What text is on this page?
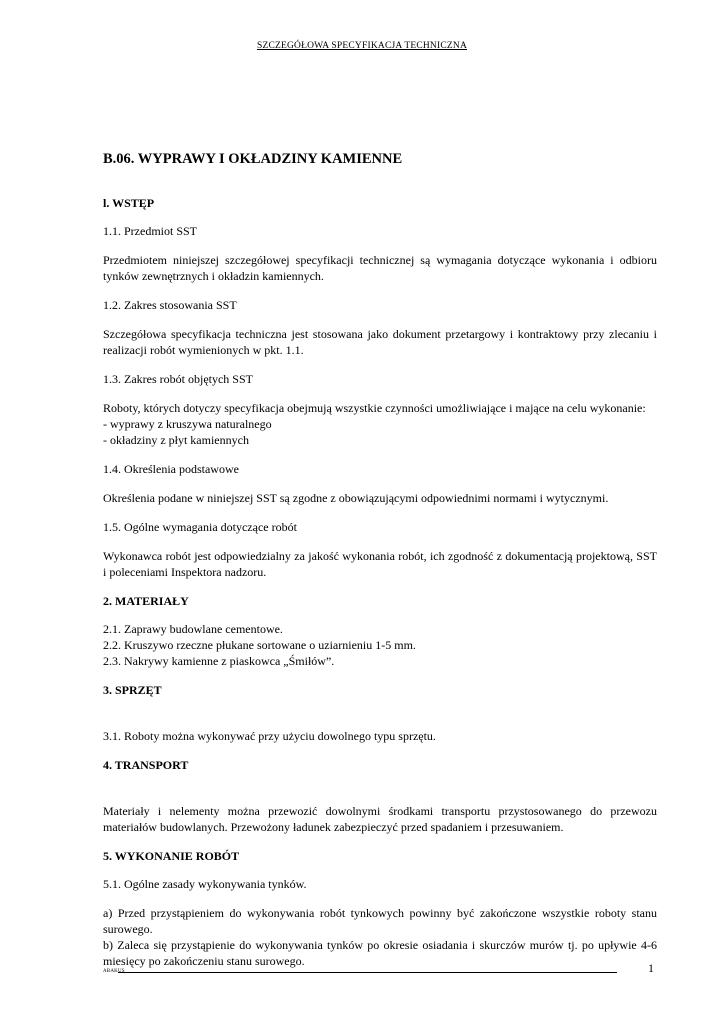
SZCZEGÓŁOWA SPECYFIKACJA TECHNICZNA
B.06. WYPRAWY I OKŁADZINY KAMIENNE
l. WSTĘP
1.1. Przedmiot SST
Przedmiotem niniejszej szczegółowej specyfikacji technicznej są wymagania dotyczące wykonania i odbioru tynków zewnętrznych i okładzin kamiennych.
1.2. Zakres stosowania SST
Szczegółowa specyfikacja techniczna jest stosowana jako dokument przetargowy i kontraktowy przy zlecaniu i realizacji robót wymienionych w pkt. 1.1.
1.3. Zakres robót objętych SST
Roboty, których dotyczy specyfikacja obejmują wszystkie czynności umożliwiające i mające na celu wykonanie:
- wyprawy z kruszywa naturalnego
- okładziny z płyt kamiennych
1.4. Określenia podstawowe
Określenia podane w niniejszej SST są zgodne z obowiązującymi odpowiednimi normami i wytycznymi.
1.5. Ogólne wymagania dotyczące robót
Wykonawca robót jest odpowiedzialny za jakość wykonania robót, ich zgodność z dokumentacją projektową, SST i poleceniami Inspektora nadzoru.
2. MATERIAŁY
2.1. Zaprawy budowlane cementowe.
2.2. Kruszywo rzeczne płukane sortowane o uziarnieniu 1-5 mm.
2.3. Nakrywy kamienne z piaskowca „Śmiłów”.
3. SPRZĘT
3.1. Roboty można wykonywać przy użyciu dowolnego typu sprzętu.
4. TRANSPORT
Materiały i nelementy można przewozić dowolnymi środkami transportu przystosowanego do przewozu materiałów budowlanych. Przewożony ładunek zabezpieczyć przed spadaniem i przesuwaniem.
5. WYKONANIE ROBÓT
5.1. Ogólne zasady wykonywania tynków.
a) Przed przystąpieniem do wykonywania robót tynkowych powinny być zakończone wszystkie roboty stanu surowego.
b) Zaleca się przystąpienie do wykonywania tynków po okresie osiadania i skurczów murów tj. po upływie 4-6 miesięcy po zakończeniu stanu surowego.
ABAKUS	1
